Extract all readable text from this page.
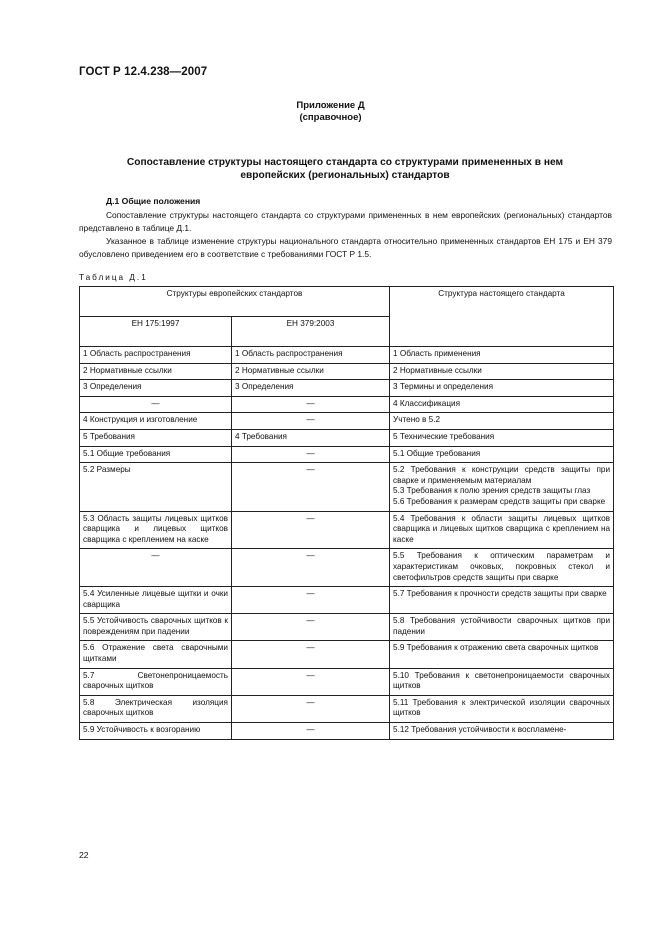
ГОСТ Р 12.4.238—2007
Приложение Д
(справочное)
Сопоставление структуры настоящего стандарта со структурами примененных в нем
европейских (региональных) стандартов
Д.1 Общие положения

Сопоставление структуры настоящего стандарта со структурами примененных в нем европейских (региональных) стандартов представлено в таблице Д.1.

Указанное в таблице изменение структуры национального стандарта относительно примененных стандартов ЕН 175 и ЕН 379 обусловлено приведением его в соответствие с требованиями ГОСТ Р 1.5.

Таблица Д.1
Структуры европейских стандартов		Структура настоящего стандарта
ЕН 175:1997	ЕН 379:2003	
1 Область распространения	1 Область распространения	1 Область применения
2 Нормативные ссылки	2 Нормативные ссылки	2 Нормативные ссылки
3 Определения	3 Определения	3 Термины и определения
—	—	4 Классификация
4 Конструкция и изготовление	—	Учтено в 5.2
5 Требования	4 Требования	5 Технические требования
5.1 Общие требования	—	5.1 Общие требования
5.2 Размеры	—	5.2 Требования к конструкции средств защиты при сварке и применяемым материалам
5.3 Требования к полю зрения средств защиты глаз
5.6 Требования к размерам средств защиты при сварке
5.3 Область защиты лицевых щитков сварщика и лицевых щитков сварщика с креплением на каске	—	5.4 Требования к области защиты лицевых щитков сварщика и лицевых щитков сварщика с креплением на каске
—	—	5.5 Требования к оптическим параметрам и характеристикам очковых, покровных стекол и светофильтров средств защиты при сварке
5.4 Усиленные лицевые щитки и очки сварщика	—	5.7 Требования к прочности средств защиты при сварке
5.5 Устойчивость сварочных щитков к повреждениям при падении	—	5.8 Требования устойчивости сварочных щитков при падении
5.6 Отражение света сварочными щитками	—	5.9 Требования к отражению света сварочных щитков
5.7 Светонепроницаемость сварочных щитков	—	5.10 Требования к светонепроницаемости сварочных щитков
5.8 Электрическая изоляция сварочных щитков	—	5.11 Требования к электрической изоляции сварочных щитков
5.9 Устойчивость к возгоранию	—	5.12 Требования устойчивости к воспламене-
22
